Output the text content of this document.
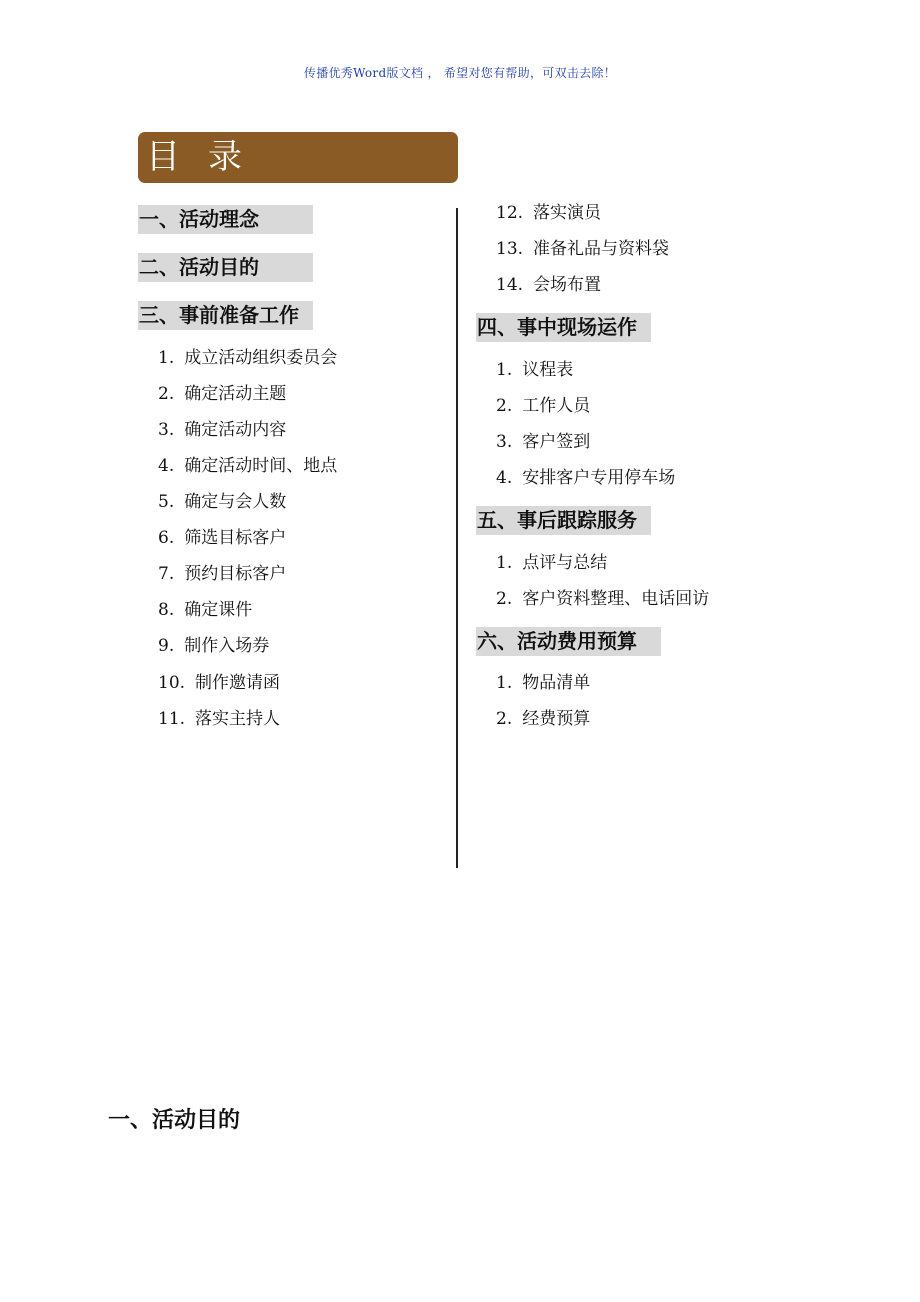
传播优秀Word版文档 ， 希望对您有帮助，可双击去除！
目录
一、活动理念
二、活动目的
三、事前准备工作
1. 成立活动组织委员会
2. 确定活动主题
3. 确定活动内容
4. 确定活动时间、地点
5. 确定与会人数
6. 筛选目标客户
7. 预约目标客户
8. 确定课件
9. 制作入场券
10. 制作邀请函
11. 落实主持人
12. 落实演员
13. 准备礼品与资料袋
14. 会场布置
四、事中现场运作
1. 议程表
2. 工作人员
3. 客户签到
4. 安排客户专用停车场
五、事后跟踪服务
1. 点评与总结
2. 客户资料整理、电话回访
六、活动费用预算
1. 物品清单
2. 经费预算
一、活动目的
